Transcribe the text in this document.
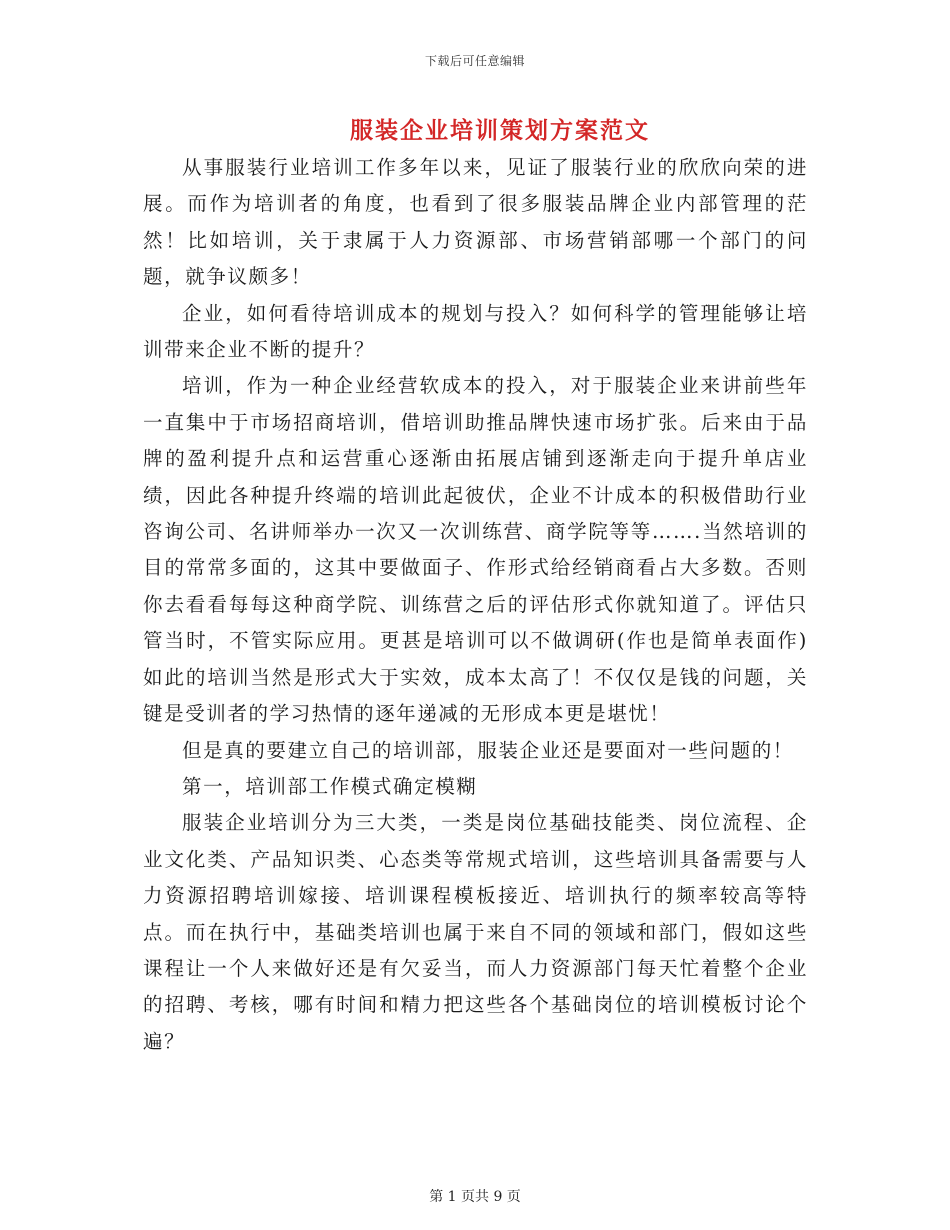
下载后可任意编辑
服装企业培训策划方案范文

从事服装行业培训工作多年以来，见证了服装行业的欣欣向荣的进展。而作为培训者的角度，也看到了很多服装品牌企业内部管理的茫然！比如培训，关于隶属于人力资源部、市场营销部哪一个部门的问题，就争议颇多！

企业，如何看待培训成本的规划与投入？如何科学的管理能够让培训带来企业不断的提升？

培训，作为一种企业经营软成本的投入，对于服装企业来讲前些年一直集中于市场招商培训，借培训助推品牌快速市场扩张。后来由于品牌的盈利提升点和运营重心逐渐由拓展店铺到逐渐走向于提升单店业绩，因此各种提升终端的培训此起彼伏，企业不计成本的积极借助行业咨询公司、名讲师举办一次又一次训练营、商学院等等…….当然培训的目的常常多面的，这其中要做面子、作形式给经销商看占大多数。否则你去看看每每这种商学院、训练营之后的评估形式你就知道了。评估只管当时，不管实际应用。更甚是培训可以不做调研(作也是简单表面作)如此的培训当然是形式大于实效，成本太高了！不仅仅是钱的问题，关键是受训者的学习热情的逐年递减的无形成本更是堪忧！

但是真的要建立自己的培训部，服装企业还是要面对一些问题的！

第一，培训部工作模式确定模糊

服装企业培训分为三大类，一类是岗位基础技能类、岗位流程、企业文化类、产品知识类、心态类等常规式培训，这些培训具备需要与人力资源招聘培训嫁接、培训课程模板接近、培训执行的频率较高等特点。而在执行中，基础类培训也属于来自不同的领域和部门，假如这些课程让一个人来做好还是有欠妥当，而人力资源部门每天忙着整个企业的招聘、考核，哪有时间和精力把这些各个基础岗位的培训模板讨论个遍？

第 1 页共 9 页
